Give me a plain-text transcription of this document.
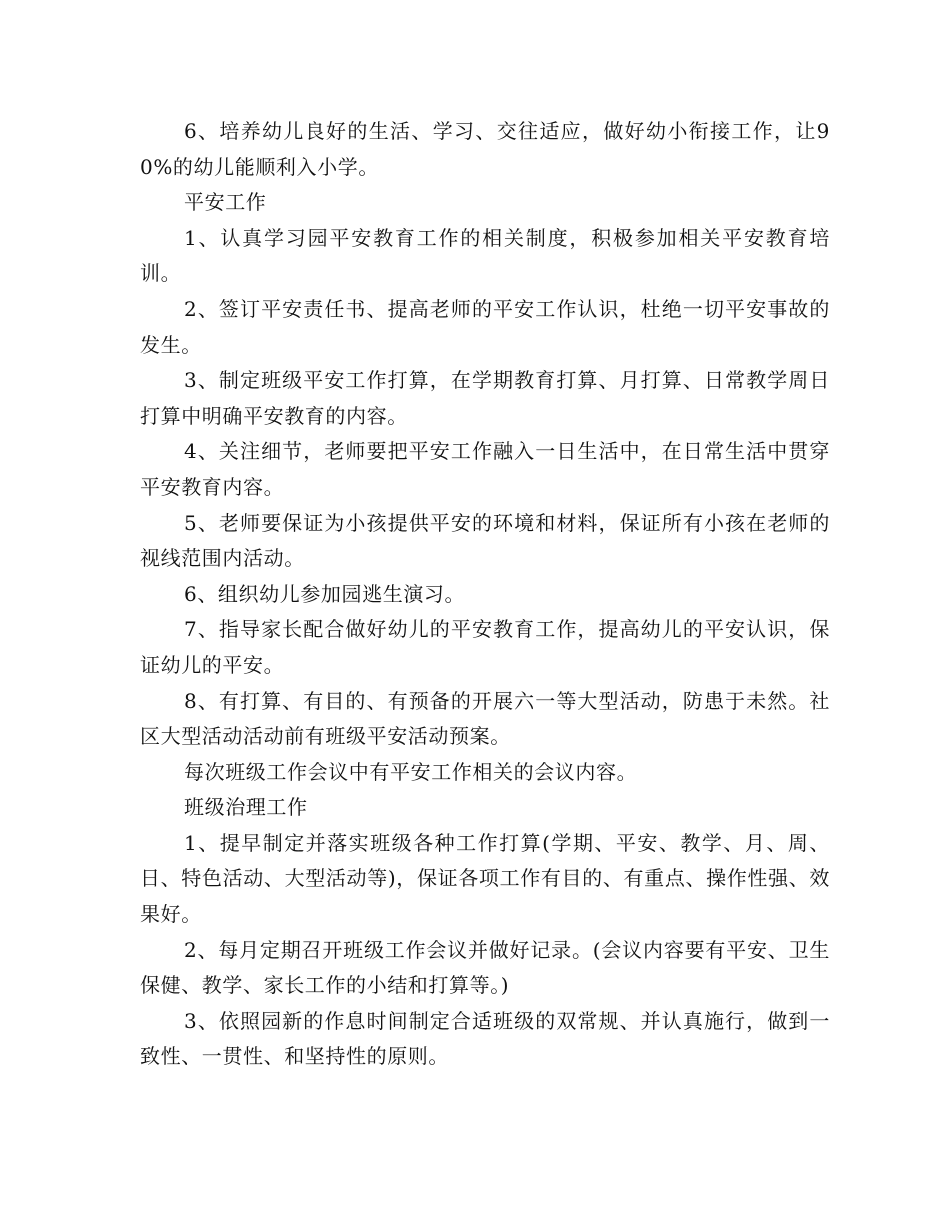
6、培养幼儿良好的生活、学习、交往适应，做好幼小衔接工作，让90%的幼儿能顺利入小学。

平安工作

1、认真学习园平安教育工作的相关制度，积极参加相关平安教育培训。

2、签订平安责任书、提高老师的平安工作认识，杜绝一切平安事故的发生。

3、制定班级平安工作打算，在学期教育打算、月打算、日常教学周日打算中明确平安教育的内容。

4、关注细节，老师要把平安工作融入一日生活中，在日常生活中贯穿平安教育内容。

5、老师要保证为小孩提供平安的环境和材料，保证所有小孩在老师的视线范围内活动。

6、组织幼儿参加园逃生演习。

7、指导家长配合做好幼儿的平安教育工作，提高幼儿的平安认识，保证幼儿的平安。

8、有打算、有目的、有预备的开展六一等大型活动，防患于未然。社区大型活动活动前有班级平安活动预案。

每次班级工作会议中有平安工作相关的会议内容。

班级治理工作

1、提早制定并落实班级各种工作打算(学期、平安、教学、月、周、日、特色活动、大型活动等)，保证各项工作有目的、有重点、操作性强、效果好。

2、每月定期召开班级工作会议并做好记录。(会议内容要有平安、卫生保健、教学、家长工作的小结和打算等。)

3、依照园新的作息时间制定合适班级的双常规、并认真施行，做到一致性、一贯性、和坚持性的原则。
